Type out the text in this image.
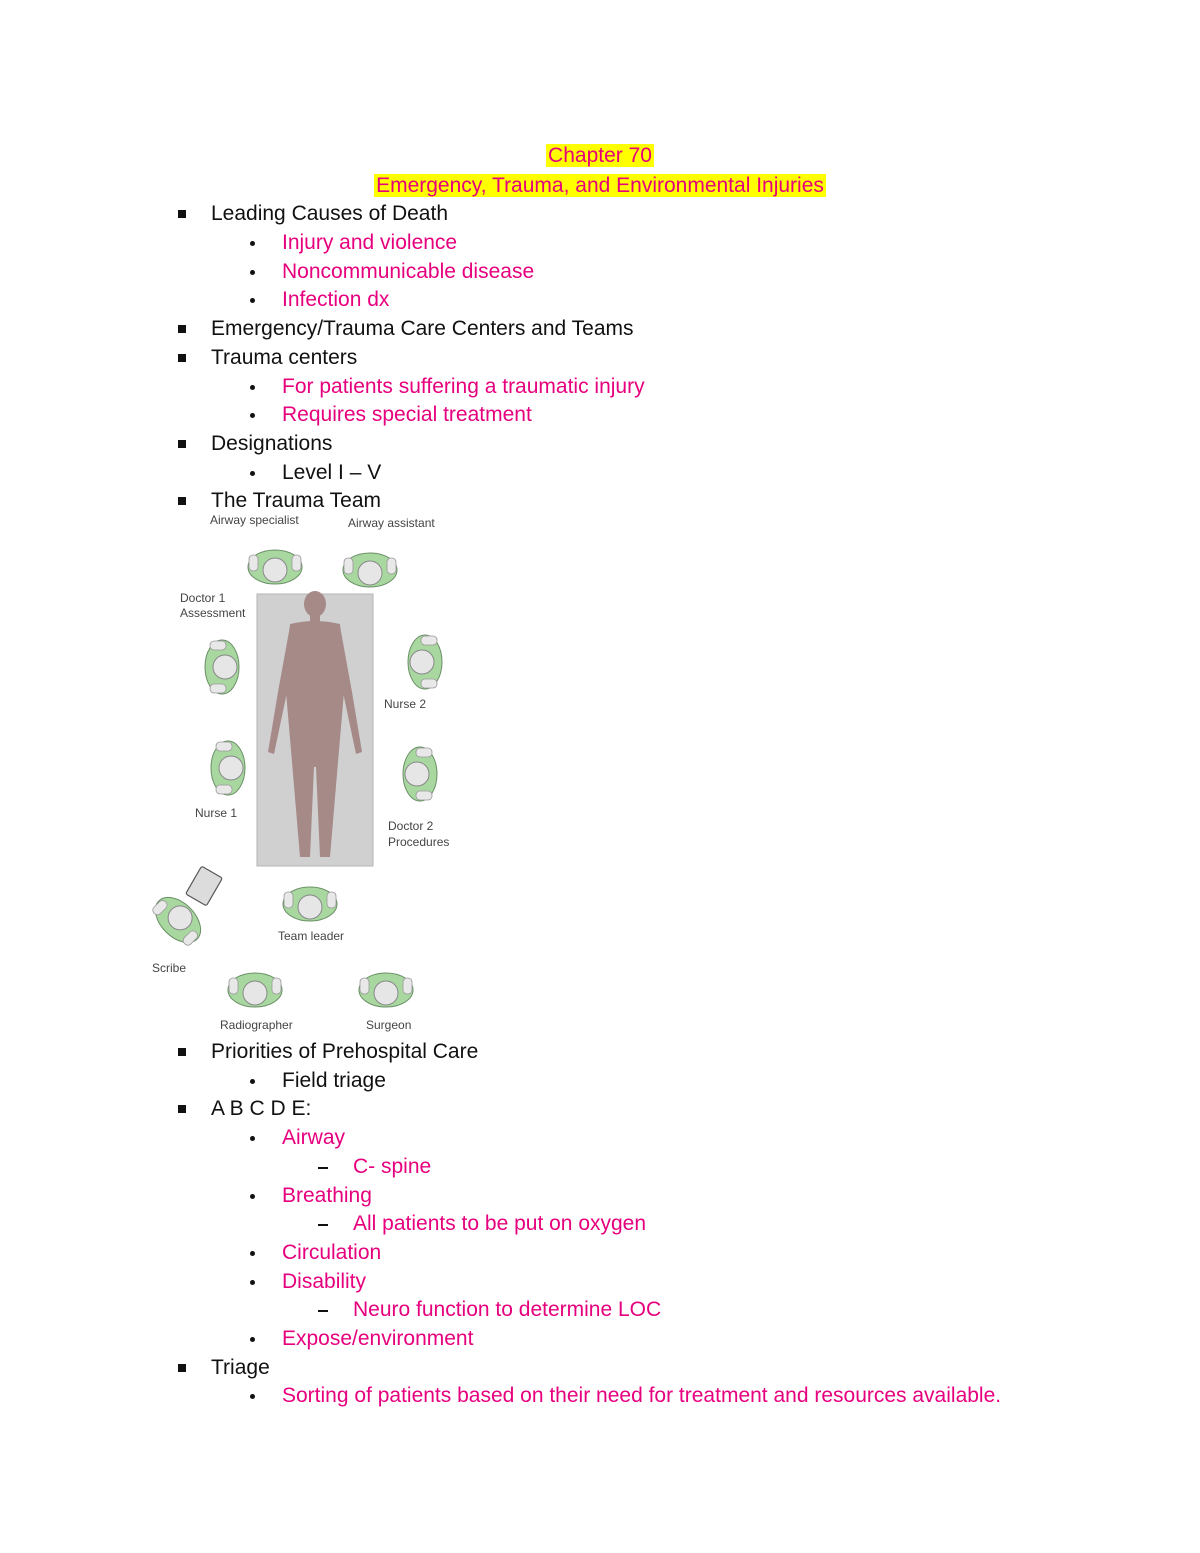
Chapter 70
Emergency, Trauma, and Environmental Injuries
Leading Causes of Death
Injury and violence
Noncommunicable disease
Infection dx
Emergency/Trauma Care Centers and Teams
Trauma centers
For patients suffering a traumatic injury
Requires special treatment
Designations
Level I – V
The Trauma Team
Airway specialist	Airway assistant
Doctor 1
Assessment
Nurse 2
Nurse 1
Doctor 2
Procedures
Team leader
Scribe
Radiographer	Surgeon
Priorities of Prehospital Care
Field triage
A B C D E:
Airway
C- spine
Breathing
All patients to be put on oxygen
Circulation
Disability
Neuro function to determine LOC
Expose/environment
Triage
Sorting of patients based on their need for treatment and resources available.
